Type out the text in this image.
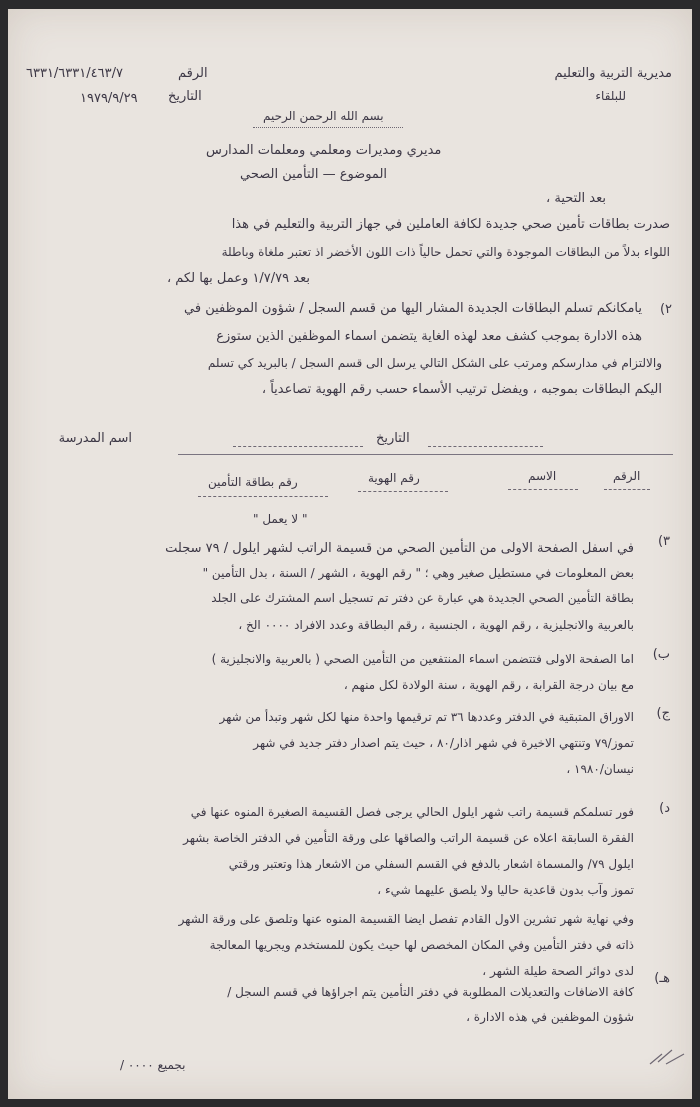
مديرية التربية والتعليم
للبلقاء
الرقم
٦٣٣١/٦٣٣١/٤٦٣/٧
التاريخ
١٩٧٩/٩/٢٩
بسم الله الرحمن الرحيم
مديري ومديرات ومعلمي ومعلمات المدارس
الموضوع — التأمين الصحي
بعد التحية ،
صدرت بطاقات تأمين صحي جديدة لكافة العاملين في جهاز التربية والتعليم في هذا
اللواء بدلاً من البطاقات الموجودة والتي تحمل حالياً ذات اللون الأخضر اذ تعتبر ملغاة وباطلة
بعد ١/٧/٧٩ وعمل بها لكم ،
٢)
يامكانكم تسلم البطاقات الجديدة المشار اليها من قسم السجل / شؤون الموظفين في
هذه الادارة بموجب كشف معد لهذه الغاية يتضمن اسماء الموظفين الذين ستوزع
والالتزام في مدارسكم ومرتب على الشكل التالي يرسل الى قسم السجل / بالبريد كي تسلم
اليكم البطاقات بموجبه ، ويفضل ترتيب الأسماء حسب رقم الهوية تصاعدياً ،
اسم المدرسة	التاريخ
الرقم
الاسم
رقم الهوية
رقم بطاقة التأمين
" لا يعمل "
٣)
في اسفل الصفحة الاولى من التأمين الصحي من قسيمة الراتب لشهر ايلول / ٧٩ سجلت
بعض المعلومات في مستطيل صغير وهي ؛ " رقم الهوية ، الشهر / السنة ، بدل التأمين "
بطاقة التأمين الصحي الجديدة هي عبارة عن دفتر تم تسجيل اسم المشترك على الجلد
بالعربية والانجليزية ، رقم الهوية ، الجنسية ، رقم البطاقة وعدد الافراد ٠٠٠٠ الخ ،
ب)
اما الصفحة الاولى فتتضمن اسماء المنتفعين من التأمين الصحي ( بالعربية والانجليزية )
مع بيان درجة القرابة ، رقم الهوية ، سنة الولادة لكل منهم ،
ج)
الاوراق المتبقية في الدفتر وعددها ٣٦ تم ترقيمها واحدة منها لكل شهر وتبدأ من شهر
تموز/٧٩ وتنتهي الاخيرة في شهر اذار/٨٠ ، حيث يتم اصدار دفتر جديد في شهر
نيسان/١٩٨٠ ،
د)
فور تسلمكم قسيمة راتب شهر ايلول الحالي يرجى فصل القسيمة الصغيرة المنوه عنها في
الفقرة السابقة اعلاه عن قسيمة الراتب والصاقها على ورقة التأمين في الدفتر الخاصة بشهر
ايلول ٧٩/ والمسماة اشعار بالدفع في القسم السفلي من الاشعار هذا وتعتبر ورقتي
تموز وآب بدون قاعدية حاليا ولا يلصق عليهما شيء ،
وفي نهاية شهر تشرين الاول القادم تفصل ايضا القسيمة المنوه عنها وتلصق على ورقة الشهر
ذاته في دفتر التأمين وفي المكان المخصص لها حيث يكون للمستخدم ويجريها المعالجة
لدى دوائر الصحة طيلة الشهر ، هـ)
كافة الاضافات والتعديلات المطلوبة في دفتر التأمين يتم اجراؤها في قسم السجل /
شؤون الموظفين في هذه الادارة ،
بجميع ٠٠٠٠ /
